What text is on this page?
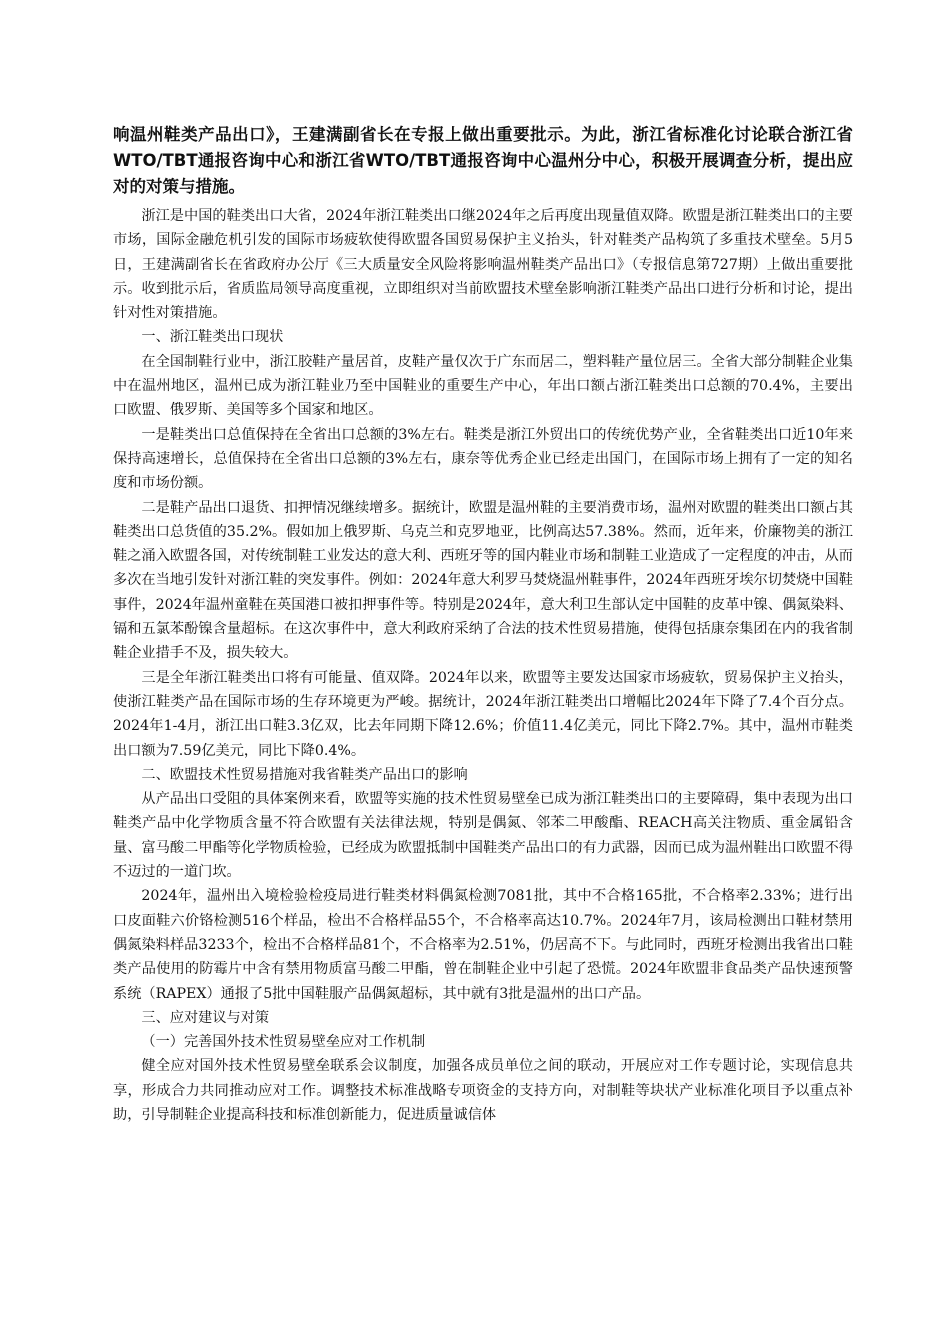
响温州鞋类产品出口》，王建满副省长在专报上做出重要批示。为此，浙江省标准化讨论联合浙江省WTO/TBT通报咨询中心和浙江省WTO/TBT通报咨询中心温州分中心，积极开展调查分析，提出应对的对策与措施。

浙江是中国的鞋类出口大省，2024年浙江鞋类出口继2024年之后再度出现量值双降。欧盟是浙江鞋类出口的主要市场，国际金融危机引发的国际市场疲软使得欧盟各国贸易保护主义抬头，针对鞋类产品构筑了多重技术壁垒。5月5日，王建满副省长在省政府办公厅《三大质量安全风险将影响温州鞋类产品出口》（专报信息第727期）上做出重要批示。收到批示后，省质监局领导高度重视，立即组织对当前欧盟技术壁垒影响浙江鞋类产品出口进行分析和讨论，提出针对性对策措施。

一、浙江鞋类出口现状

在全国制鞋行业中，浙江胶鞋产量居首，皮鞋产量仅次于广东而居二，塑料鞋产量位居三。全省大部分制鞋企业集中在温州地区，温州已成为浙江鞋业乃至中国鞋业的重要生产中心，年出口额占浙江鞋类出口总额的70.4%，主要出口欧盟、俄罗斯、美国等多个国家和地区。

一是鞋类出口总值保持在全省出口总额的3%左右。鞋类是浙江外贸出口的传统优势产业，全省鞋类出口近10年来保持高速增长，总值保持在全省出口总额的3%左右，康奈等优秀企业已经走出国门，在国际市场上拥有了一定的知名度和市场份额。

二是鞋产品出口退货、扣押情况继续增多。据统计，欧盟是温州鞋的主要消费市场，温州对欧盟的鞋类出口额占其鞋类出口总货值的35.2%。假如加上俄罗斯、乌克兰和克罗地亚，比例高达57.38%。然而，近年来，价廉物美的浙江鞋之涌入欧盟各国，对传统制鞋工业发达的意大利、西班牙等的国内鞋业市场和制鞋工业造成了一定程度的冲击，从而多次在当地引发针对浙江鞋的突发事件。例如：2024年意大利罗马焚烧温州鞋事件，2024年西班牙埃尔切焚烧中国鞋事件，2024年温州童鞋在英国港口被扣押事件等。特别是2024年，意大利卫生部认定中国鞋的皮革中镍、偶氮染料、镉和五氯苯酚镍含量超标。在这次事件中，意大利政府采纳了合法的技术性贸易措施，使得包括康奈集团在内的我省制鞋企业措手不及，损失较大。

三是全年浙江鞋类出口将有可能量、值双降。2024年以来，欧盟等主要发达国家市场疲软，贸易保护主义抬头，使浙江鞋类产品在国际市场的生存环境更为严峻。据统计，2024年浙江鞋类出口增幅比2024年下降了7.4个百分点。2024年1-4月，浙江出口鞋3.3亿双，比去年同期下降12.6%；价值11.4亿美元，同比下降2.7%。其中，温州市鞋类出口额为7.59亿美元，同比下降0.4%。

二、欧盟技术性贸易措施对我省鞋类产品出口的影响

从产品出口受阻的具体案例来看，欧盟等实施的技术性贸易壁垒已成为浙江鞋类出口的主要障碍，集中表现为出口鞋类产品中化学物质含量不符合欧盟有关法律法规，特别是偶氮、邻苯二甲酸酯、REACH高关注物质、重金属铅含量、富马酸二甲酯等化学物质检验，已经成为欧盟抵制中国鞋类产品出口的有力武器，因而已成为温州鞋出口欧盟不得不迈过的一道门坎。

2024年，温州出入境检验检疫局进行鞋类材料偶氮检测7081批，其中不合格165批，不合格率2.33%；进行出口皮面鞋六价铬检测516个样品，检出不合格样品55个，不合格率高达10.7%。2024年7月，该局检测出口鞋材禁用偶氮染料样品3233个，检出不合格样品81个，不合格率为2.51%，仍居高不下。与此同时，西班牙检测出我省出口鞋类产品使用的防霉片中含有禁用物质富马酸二甲酯，曾在制鞋企业中引起了恐慌。2024年欧盟非食品类产品快速预警系统（RAPEX）通报了5批中国鞋服产品偶氮超标，其中就有3批是温州的出口产品。

三、应对建议与对策

（一）完善国外技术性贸易壁垒应对工作机制

健全应对国外技术性贸易壁垒联系会议制度，加强各成员单位之间的联动，开展应对工作专题讨论，实现信息共享，形成合力共同推动应对工作。调整技术标准战略专项资金的支持方向，对制鞋等块状产业标准化项目予以重点补助，引导制鞋企业提高科技和标准创新能力，促进质量诚信体
